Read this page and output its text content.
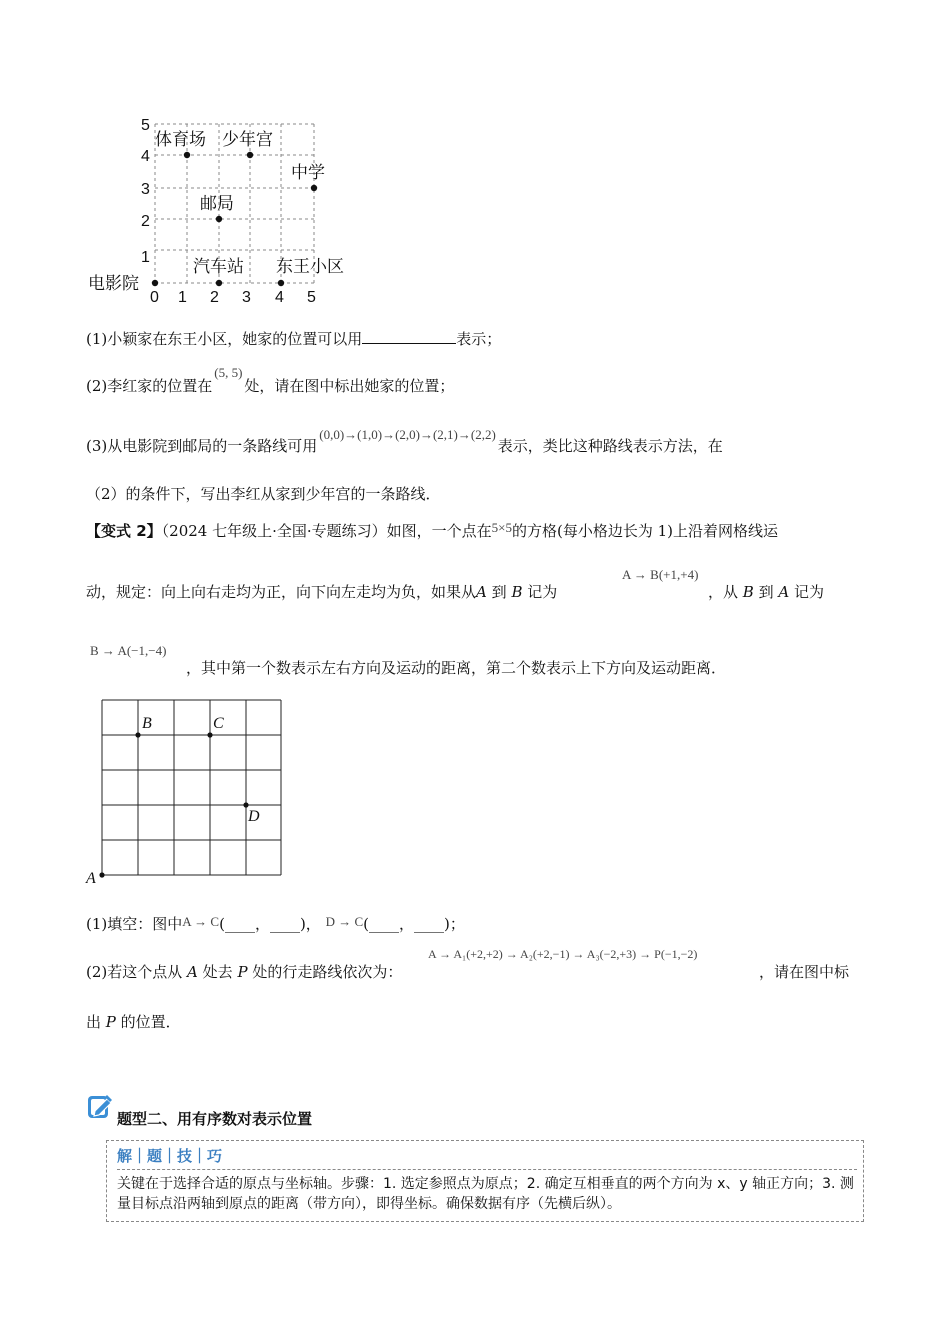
5
4
3
2
1
0 1 2 3 4 5
体育场 少年宫
中学
邮局
汽车站 东王小区
电影院
(1)小颖家在东王小区，她家的位置可以用	表示；
(2)李红家的位置在(5, 5)处，请在图中标出她家的位置；
(3)从电影院到邮局的一条路线可用(0,0)→(1,0)→(2,0)→(2,1)→(2,2)表示，类比这种路线表示方法，在
（2）的条件下，写出李红从家到少年宫的一条路线．
【变式 2】（2024 七年级上·全国·专题练习）如图，一个点在5×5的方格(每小格边长为 1)上沿着网格线运
A → B(+1,+4)
动，规定：向上向右走均为正，向下向左走均为负，如果从A 到 B 记为	，从 B 到 A 记为
B → A(−1,−4)
，其中第一个数表示左右方向及运动的距离，第二个数表示上下方向及运动距离．
A
B	C
D
(1)填空：图中A → C(____，____)， D → C(____，____)；
A → A₁(+2,+2) → A₂(+2,−1) → A₃(−2,+3) → P(−1,−2)
(2)若这个点从 A 处去 P 处的行走路线依次为：	，请在图中标
出 P 的位置．
题型二、用有序数对表示位置
解｜题｜技｜巧
关键在于选择合适的原点与坐标轴。步骤：1. 选定参照点为原点；2. 确定互相垂直的两个方向为 x、y 轴正方向；3. 测量目标点沿两轴到原点的距离（带方向），即得坐标。确保数据有序（先横后纵）。
